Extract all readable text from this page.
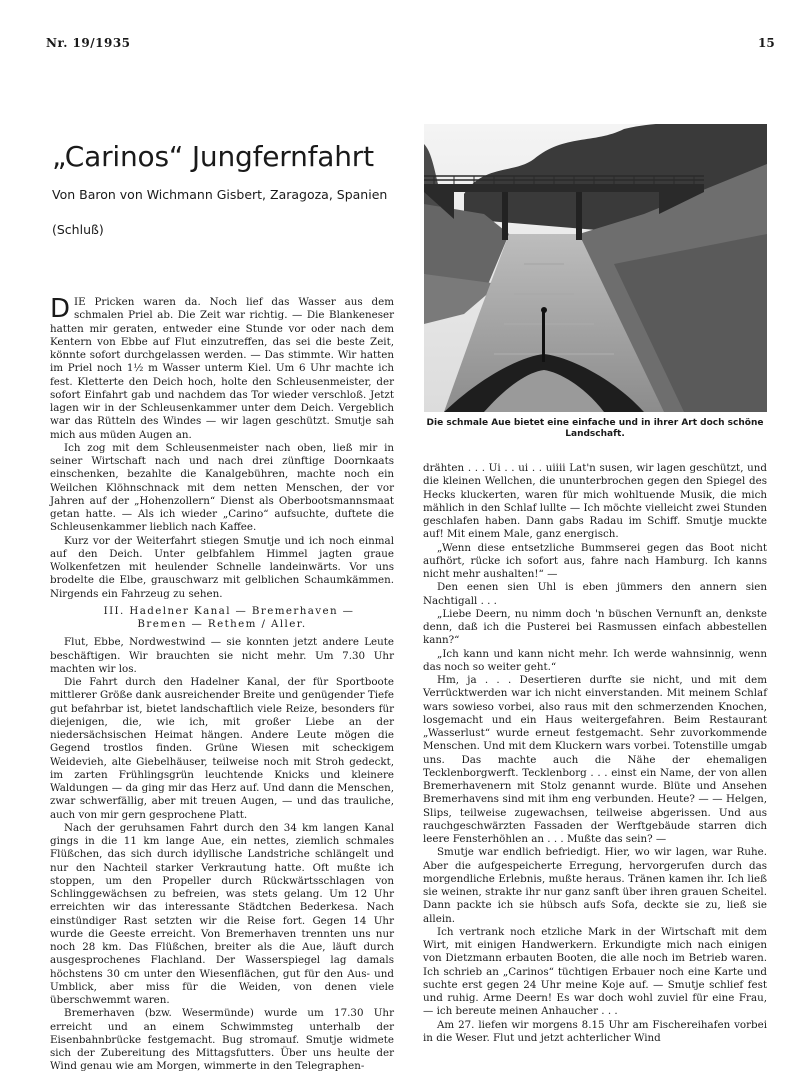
Nr. 19/1935	15
„Carinos“ Jungfernfahrt
Von Baron von Wichmann Gisbert, Zaragoza, Spanien
(Schluß)
Die schmale Aue bietet eine einfache und in ihrer Art doch schöne Landschaft.

DIE Pricken waren da. Noch lief das Wasser aus dem schmalen Priel ab. Die Zeit war richtig. — Die Blankeneser hatten mir geraten, entweder eine Stunde vor oder nach dem Kentern von Ebbe auf Flut einzutreffen, das sei die beste Zeit, könnte sofort durchgelassen werden. — Das stimmte. Wir hatten im Priel noch 1½ m Wasser unterm Kiel. Um 6 Uhr machte ich fest. Kletterte den Deich hoch, holte den Schleusenmeister, der sofort Einfahrt gab und nachdem das Tor wieder verschloß. Jetzt lagen wir in der Schleusenkammer unter dem Deich. Vergeblich war das Rütteln des Windes — wir lagen geschützt. Smutje sah mich aus müden Augen an.

Ich zog mit dem Schleusenmeister nach oben, ließ mir in seiner Wirtschaft nach und nach drei zünftige Doornkaats einschenken, bezahlte die Kanalgebühren, machte noch ein Weilchen Klöhnschnack mit dem netten Menschen, der vor Jahren auf der „Hohenzollern“ Dienst als Oberbootsmannsmaat getan hatte. — Als ich wieder „Carino“ aufsuchte, duftete die Schleusenkammer lieblich nach Kaffee.

Kurz vor der Weiterfahrt stiegen Smutje und ich noch einmal auf den Deich. Unter gelbfahlem Himmel jagten graue Wolkenfetzen mit heulender Schnelle landeinwärts. Vor uns brodelte die Elbe, grauschwarz mit gelblichen Schaumkämmen. Nirgends ein Fahrzeug zu sehen.

III. Hadelner Kanal — Bremerhaven —
Bremen — Rethem / Aller.

Flut, Ebbe, Nordwestwind — sie konnten jetzt andere Leute beschäftigen. Wir brauchten sie nicht mehr. Um 7.30 Uhr machten wir los.

Die Fahrt durch den Hadelner Kanal, der für Sportboote mittlerer Größe dank ausreichender Breite und genügender Tiefe gut befahrbar ist, bietet landschaftlich viele Reize, besonders für diejenigen, die, wie ich, mit großer Liebe an der niedersächsischen Heimat hängen. Andere Leute mögen die Gegend trostlos finden. Grüne Wiesen mit scheckigem Weidevieh, alte Giebelhäuser, teilweise noch mit Stroh gedeckt, im zarten Frühlingsgrün leuchtende Knicks und kleinere Waldungen — da ging mir das Herz auf. Und dann die Menschen, zwar schwerfällig, aber mit treuen Augen, — und das trauliche, auch von mir gern gesprochene Platt.

Nach der geruhsamen Fahrt durch den 34 km langen Kanal gings in die 11 km lange Aue, ein nettes, ziemlich schmales Flüßchen, das sich durch idyllische Landstriche schlängelt und nur den Nachteil starker Verkrautung hatte. Oft mußte ich stoppen, um den Propeller durch Rückwärtsschlagen von Schlinggewächsen zu befreien, was stets gelang. Um 12 Uhr erreichten wir das interessante Städtchen Bederkesa. Nach einstündiger Rast setzten wir die Reise fort. Gegen 14 Uhr wurde die Geeste erreicht. Von Bremerhaven trennten uns nur noch 28 km. Das Flüßchen, breiter als die Aue, läuft durch ausgesprochenes Flachland. Der Wasserspiegel lag damals höchstens 30 cm unter den Wiesenflächen, gut für den Aus- und Umblick, aber miss für die Weiden, von denen viele überschwemmt waren.

Bremerhaven (bzw. Wesermünde) wurde um 17.30 Uhr erreicht und an einem Schwimmsteg unterhalb der Eisenbahnbrücke festgemacht. Bug stromauf. Smutje widmete sich der Zubereitung des Mittagsfutters. Über uns heulte der Wind genau wie am Morgen, wimmerte in den Telegraphen-

drähten . . . Ui . . ui . . uiiii Lat'n susen, wir lagen geschützt, und die kleinen Wellchen, die ununterbrochen gegen den Spiegel des Hecks kluckerten, waren für mich wohltuende Musik, die mich mählich in den Schlaf lullte — Ich möchte vielleicht zwei Stunden geschlafen haben. Dann gabs Radau im Schiff. Smutje muckte auf! Mit einem Male, ganz energisch.

„Wenn diese entsetzliche Bummserei gegen das Boot nicht aufhört, rücke ich sofort aus, fahre nach Hamburg. Ich kanns nicht mehr aushalten!“ —

Den eenen sien Uhl is eben jümmers den annern sien Nachtigall . . .

„Liebe Deern, nu nimm doch 'n büschen Vernunft an, denkste denn, daß ich die Pusterei bei Rasmussen einfach abbestellen kann?“

„Ich kann und kann nicht mehr. Ich werde wahnsinnig, wenn das noch so weiter geht.“

Hm, ja . . . Desertieren durfte sie nicht, und mit dem Verrücktwerden war ich nicht einverstanden. Mit meinem Schlaf wars sowieso vorbei, also raus mit den schmerzenden Knochen, losgemacht und ein Haus weitergefahren. Beim Restaurant „Wasserlust“ wurde erneut festgemacht. Sehr zuvorkommende Menschen. Und mit dem Kluckern wars vorbei. Totenstille umgab uns. Das machte auch die Nähe der ehemaligen Tecklenborgwerft. Tecklenborg . . . einst ein Name, der von allen Bremerhavenern mit Stolz genannt wurde. Blüte und Ansehen Bremerhavens sind mit ihm eng verbunden. Heute? — — Helgen, Slips, teilweise zugewachsen, teilweise abgerissen. Und aus rauchgeschwärzten Fassaden der Werftgebäude starren dich leere Fensterhöhlen an . . . Mußte das sein? —

Smutje war endlich befriedigt. Hier, wo wir lagen, war Ruhe. Aber die aufgespeicherte Erregung, hervorgerufen durch das morgendliche Erlebnis, mußte heraus. Tränen kamen ihr. Ich ließ sie weinen, strakte ihr nur ganz sanft über ihren grauen Scheitel. Dann packte ich sie hübsch aufs Sofa, deckte sie zu, ließ sie allein.

Ich vertrank noch etzliche Mark in der Wirtschaft mit dem Wirt, mit einigen Handwerkern. Erkundigte mich nach einigen von Dietzmann erbauten Booten, die alle noch im Betrieb waren. Ich schrieb an „Carinos“ tüchtigen Erbauer noch eine Karte und suchte erst gegen 24 Uhr meine Koje auf. — Smutje schlief fest und ruhig. Arme Deern! Es war doch wohl zuviel für eine Frau, — ich bereute meinen Anhaucher . . .

Am 27. liefen wir morgens 8.15 Uhr am Fischereihafen vorbei in die Weser. Flut und jetzt achterlicher Wind
